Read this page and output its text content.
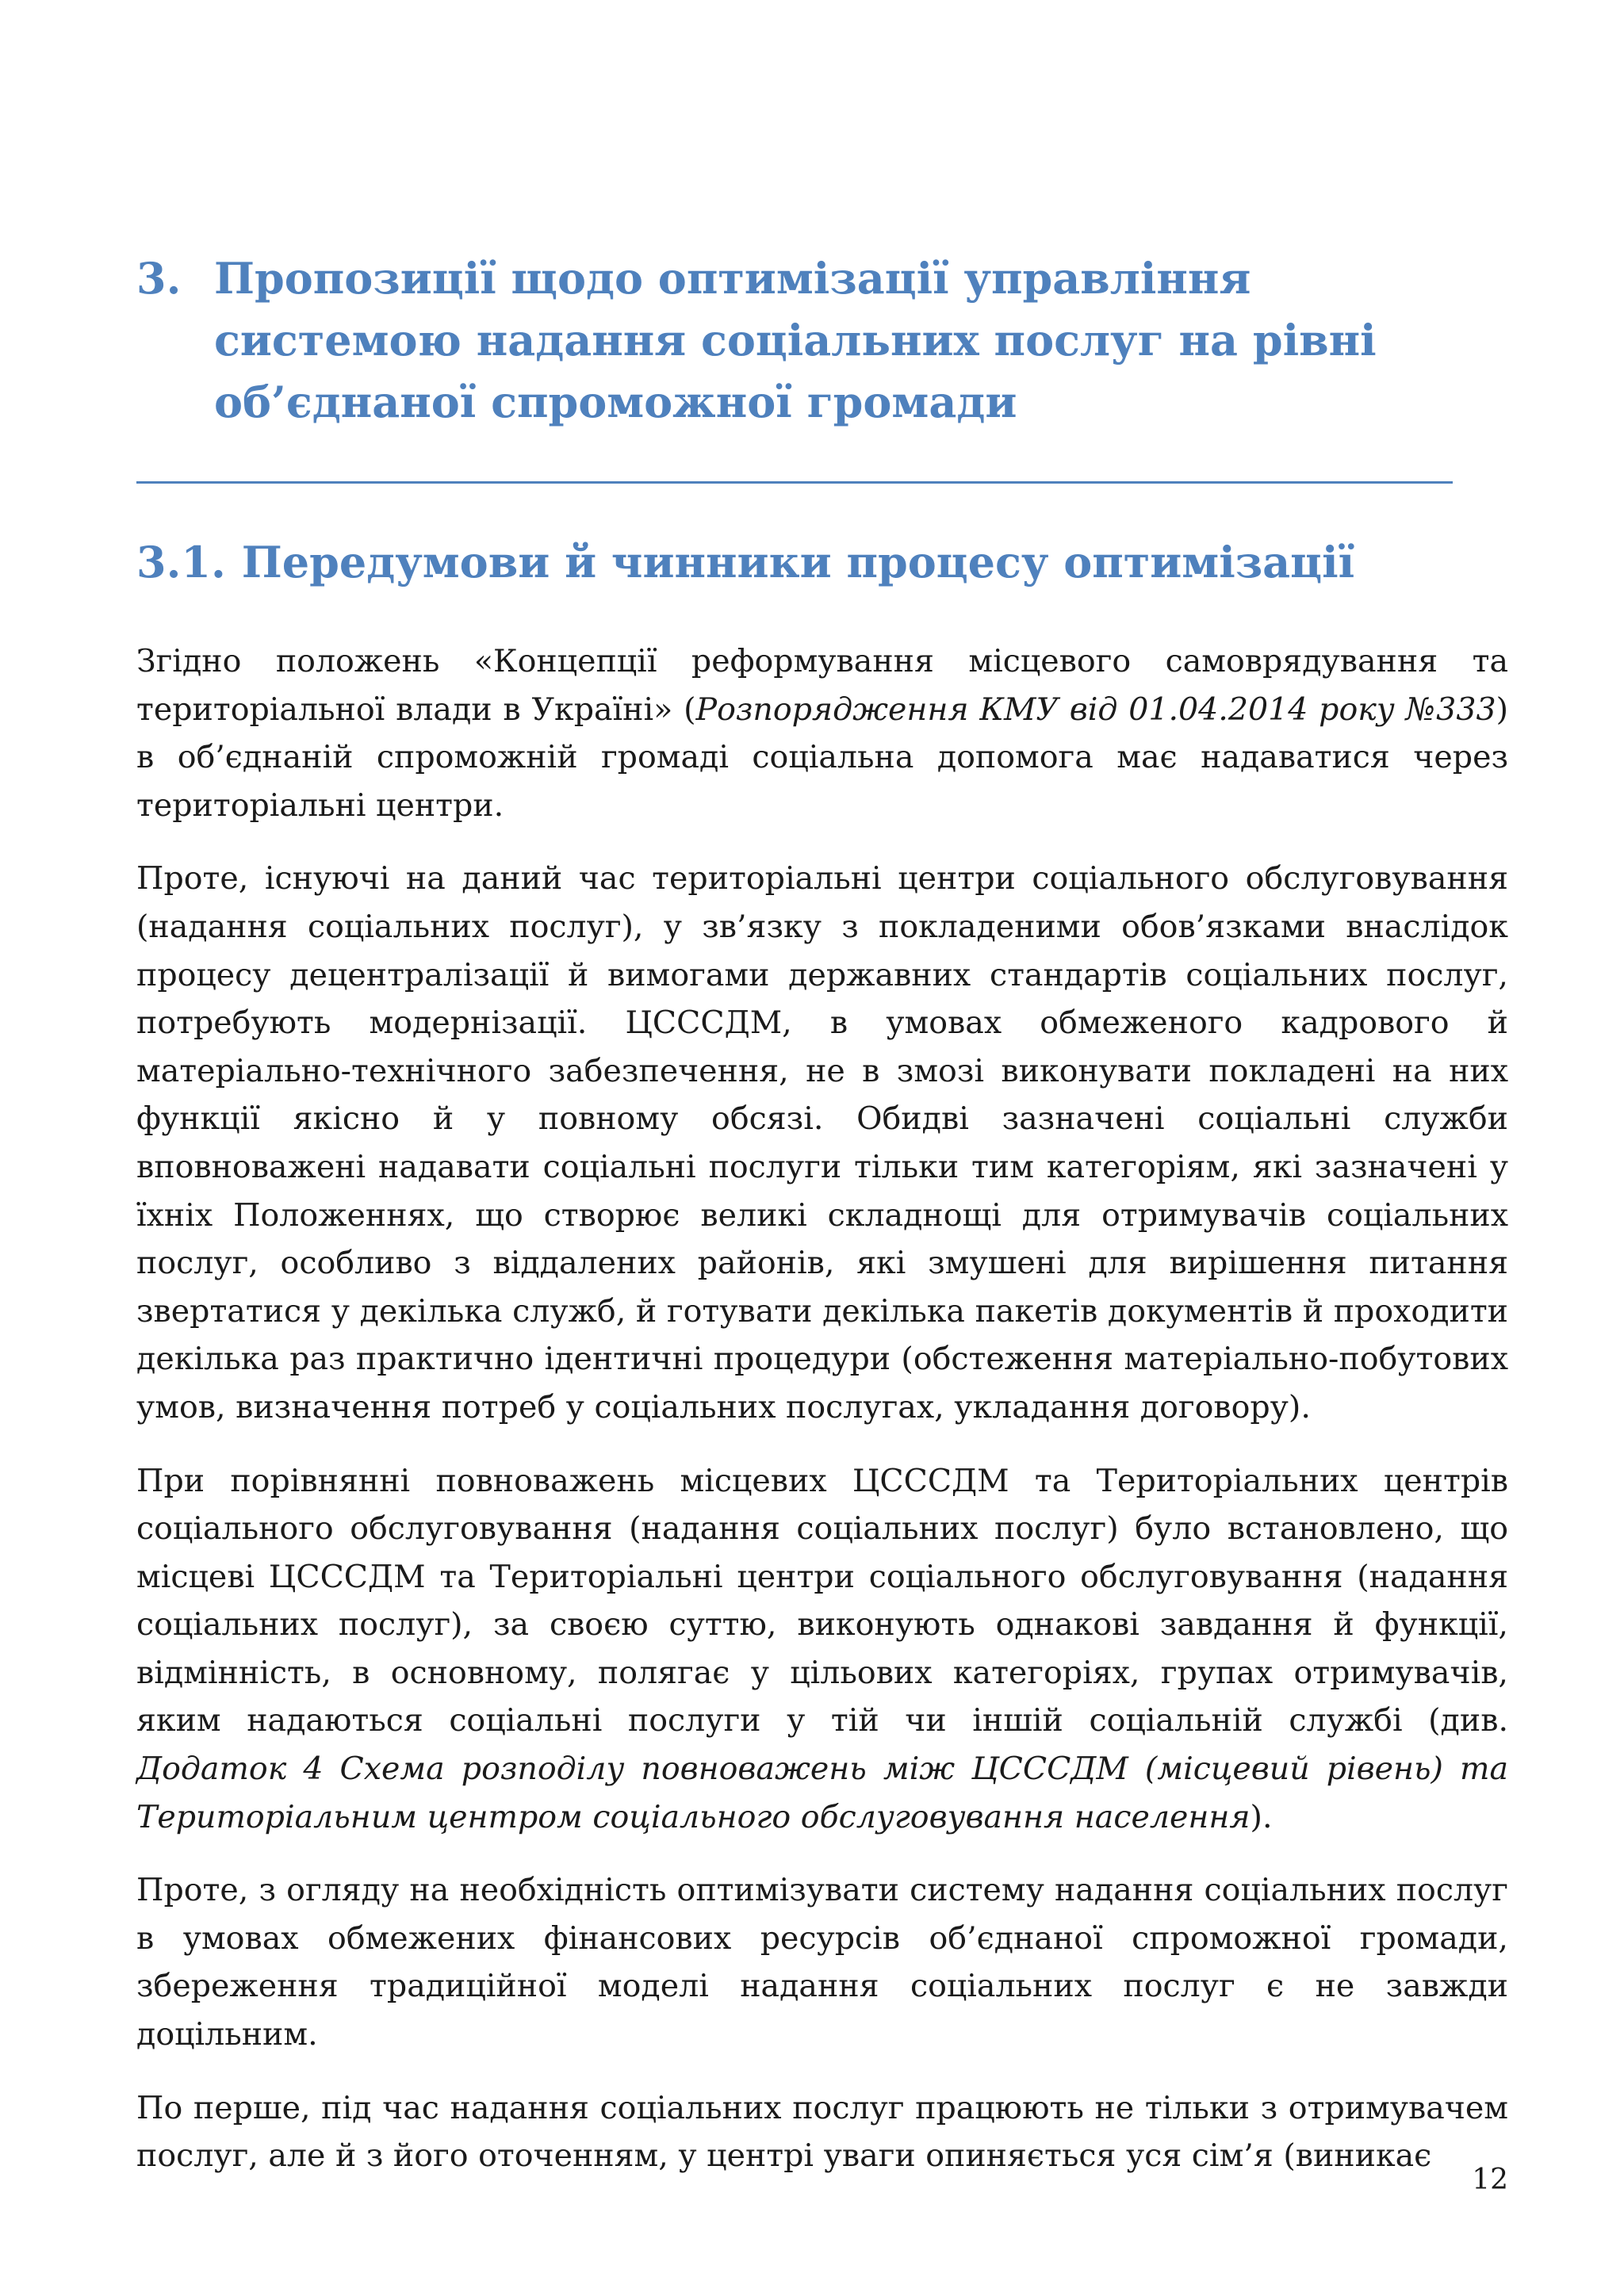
3. Пропозиції щодо оптимізації управління системою надання соціальних послуг на рівні об’єднаної спроможної громади
3.1. Передумови й чинники процесу оптимізації

Згідно положень «Концепції реформування місцевого самоврядування та територіальної влади в Україні» (Розпорядження КМУ від 01.04.2014 року №333) в об’єднаній спроможній громаді соціальна допомога має надаватися через територіальні центри.

Проте, існуючі на даний час територіальні центри соціального обслуговування (надання соціальних послуг), у зв’язку з покладеними обов’язками внаслідок процесу децентралізації й вимогами державних стандартів соціальних послуг, потребують модернізації. ЦСССДМ, в умовах обмеженого кадрового й матеріально-технічного забезпечення, не в змозі виконувати покладені на них функції якісно й у повному обсязі. Обидві зазначені соціальні служби вповноважені надавати соціальні послуги тільки тим категоріям, які зазначені у їхніх Положеннях, що створює великі складнощі для отримувачів соціальних послуг, особливо з віддалених районів, які змушені для вирішення питання звертатися у декілька служб, й готувати декілька пакетів документів й проходити декілька раз практично ідентичні процедури (обстеження матеріально-побутових умов, визначення потреб у соціальних послугах, укладання договору).

При порівнянні повноважень місцевих ЦСССДМ та Територіальних центрів соціального обслуговування (надання соціальних послуг) було встановлено, що місцеві ЦСССДМ та Територіальні центри соціального обслуговування (надання соціальних послуг), за своєю суттю, виконують однакові завдання й функції, відмінність, в основному, полягає у цільових категоріях, групах отримувачів, яким надаються соціальні послуги у тій чи іншій соціальній службі (див. Додаток 4 Схема розподілу повноважень між ЦСССДМ (місцевий рівень) та Територіальним центром соціального обслуговування населення).

Проте, з огляду на необхідність оптимізувати систему надання соціальних послуг в умовах обмежених фінансових ресурсів об’єднаної спроможної громади, збереження традиційної моделі надання соціальних послуг є не завжди доцільним.

По перше, під час надання соціальних послуг працюють не тільки з отримувачем послуг, але й з його оточенням, у центрі уваги опиняється уся сім’я (виникає

12
